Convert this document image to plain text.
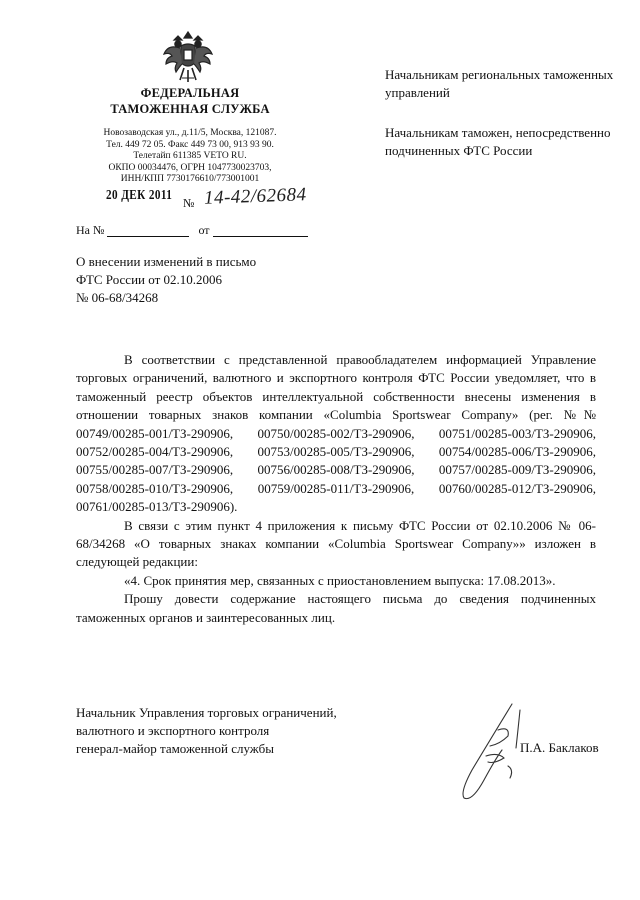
ФЕДЕРАЛЬНАЯ
ТАМОЖЕННАЯ СЛУЖБА
Новозаводская ул., д.11/5, Москва, 121087.
Тел. 449 72 05. Факс 449 73 00, 913 93 90.
Телетайп 611385 VETO RU.
ОКПО 00034476, ОГРН 1047730023703,
ИНН/КПП 7730176610/773001001
20 ДЕК 2011 № 14-42/62684
На №	от
Начальникам региональных таможенных управлений
Начальникам таможен, непосредственно подчиненных ФТС России
О внесении изменений в письмо
ФТС России от 02.10.2006
№ 06-68/34268

В соответствии с представленной правообладателем информацией Управление торговых ограничений, валютного и экспортного контроля ФТС России уведомляет, что в таможенный реестр объектов интеллектуальной собственности внесены изменения в отношении товарных знаков компании «Columbia Sportswear Company» (рег. №№ 00749/00285-001/ТЗ-290906, 00750/00285-002/ТЗ-290906, 00751/00285-003/ТЗ-290906, 00752/00285-004/ТЗ-290906, 00753/00285-005/ТЗ-290906, 00754/00285-006/ТЗ-290906, 00755/00285-007/ТЗ-290906, 00756/00285-008/ТЗ-290906, 00757/00285-009/ТЗ-290906, 00758/00285-010/ТЗ-290906, 00759/00285-011/ТЗ-290906, 00760/00285-012/ТЗ-290906, 00761/00285-013/ТЗ-290906).

В связи с этим пункт 4 приложения к письму ФТС России от 02.10.2006 № 06-68/34268 «О товарных знаках компании «Columbia Sportswear Company»» изложен в следующей редакции:

«4. Срок принятия мер, связанных с приостановлением выпуска: 17.08.2013».

Прошу довести содержание настоящего письма до сведения подчиненных таможенных органов и заинтересованных лиц.

Начальник Управления торговых ограничений,
валютного и экспортного контроля
генерал-майор таможенной службы	П.А. Баклаков
